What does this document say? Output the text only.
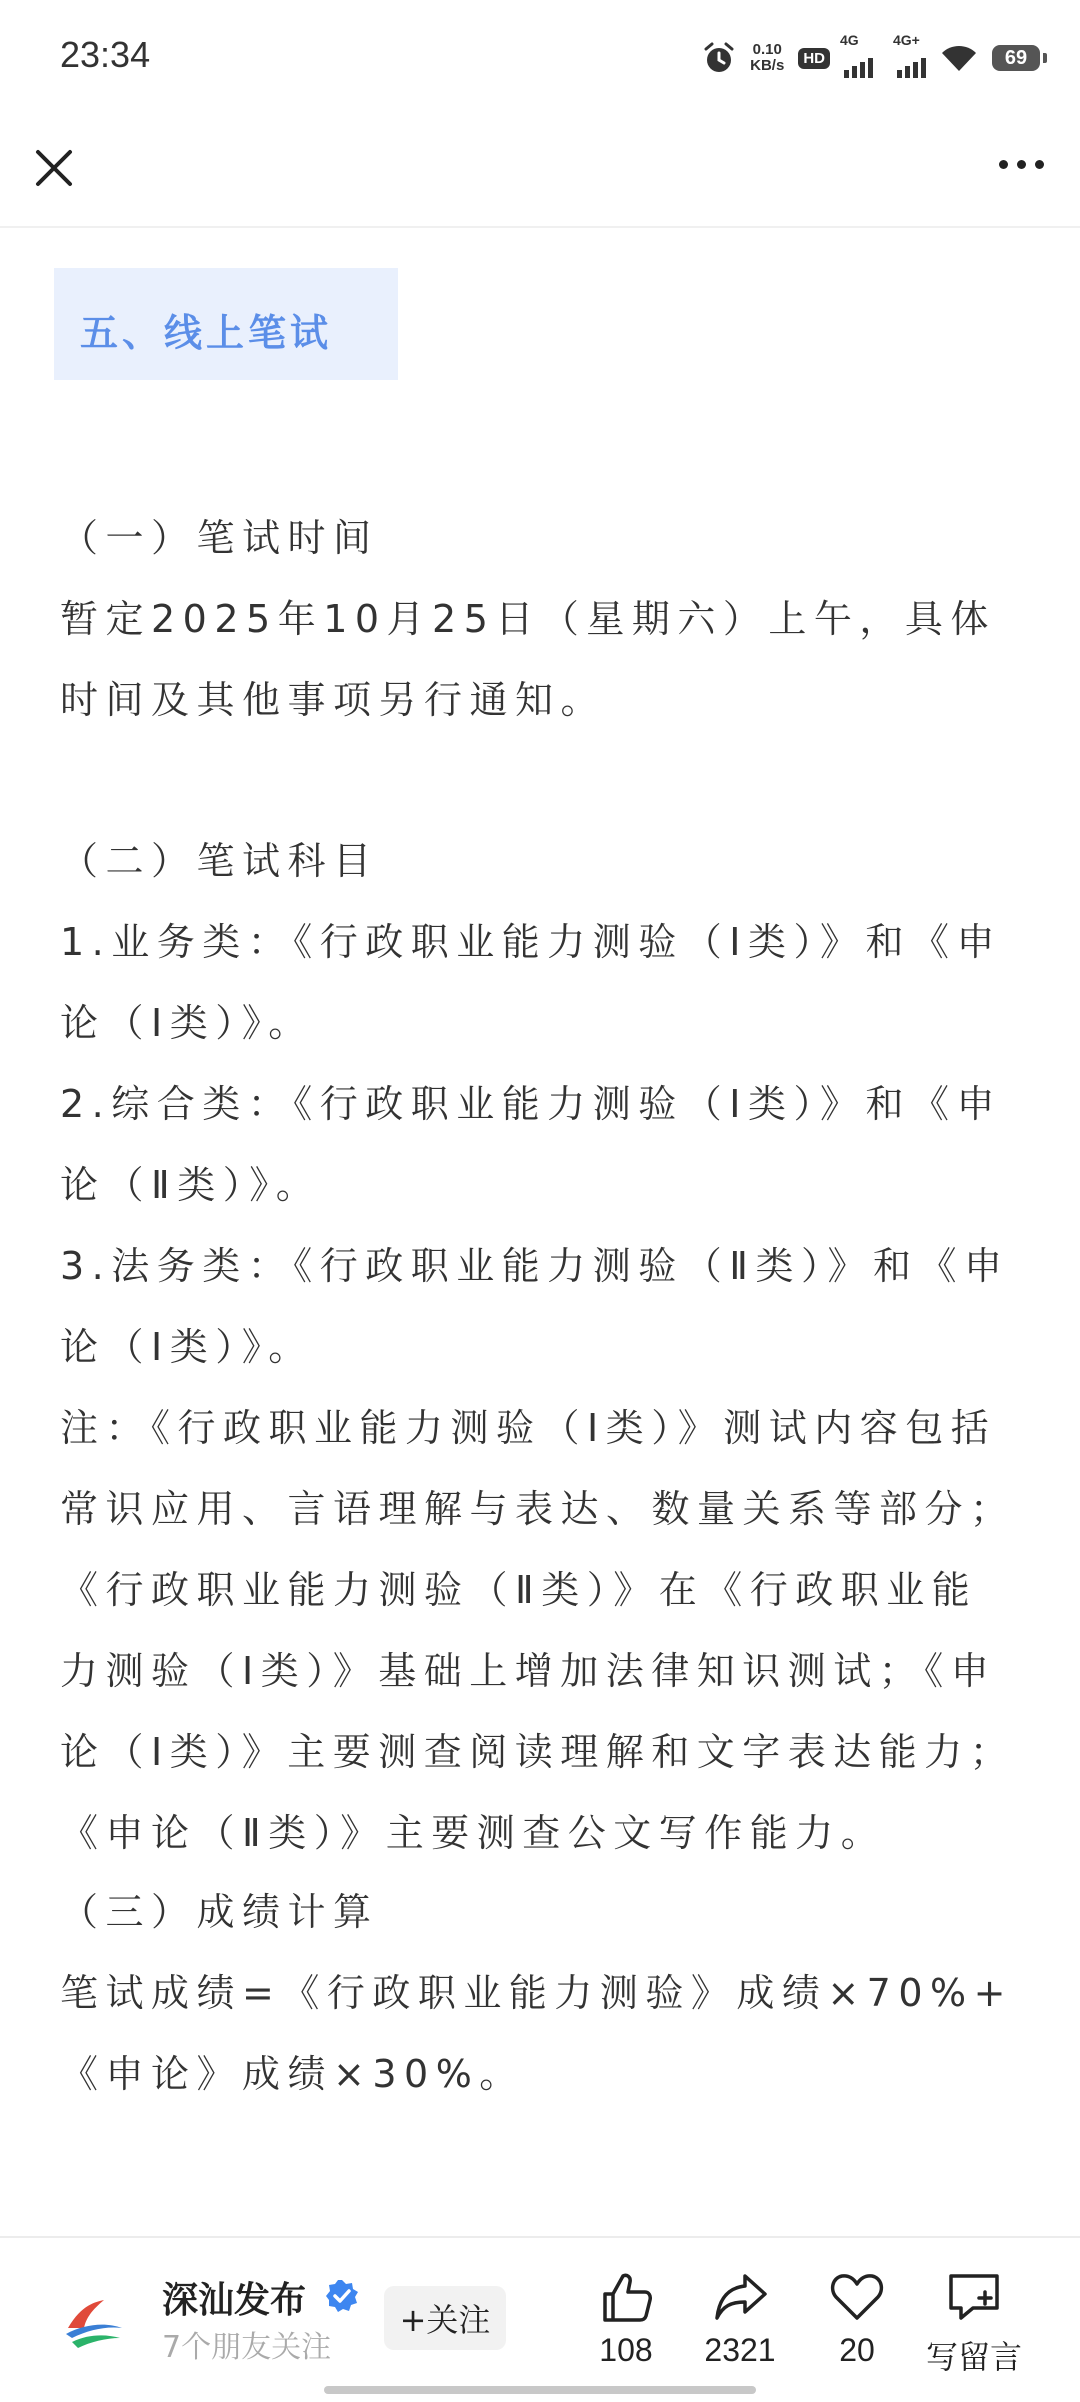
23:34	0.10
KB/s	HD
4G 4G+
69
五、线上笔试

（一）笔试时间

暂定2025年10月25日（星期六）上午，具体时间及其他事项另行通知。

（二）笔试科目

1.业务类：《行政职业能力测验（Ⅰ类）》和《申论（Ⅰ类）》。

2.综合类：《行政职业能力测验（Ⅰ类）》和《申论（Ⅱ类）》。

3.法务类：《行政职业能力测验（Ⅱ类）》和《申论（Ⅰ类）》。

注：《行政职业能力测验（Ⅰ类）》测试内容包括常识应用、言语理解与表达、数量关系等部分；《行政职业能力测验（Ⅱ类）》在《行政职业能力测验（Ⅰ类）》基础上增加法律知识测试；《申论（Ⅰ类）》主要测查阅读理解和文字表达能力；《申论（Ⅱ类）》主要测查公文写作能力。

（三）成绩计算

笔试成绩=《行政职业能力测验》成绩×70%+《申论》成绩×30%。

深汕发布
7个朋友关注
+关注
108 2321 20 写留言
